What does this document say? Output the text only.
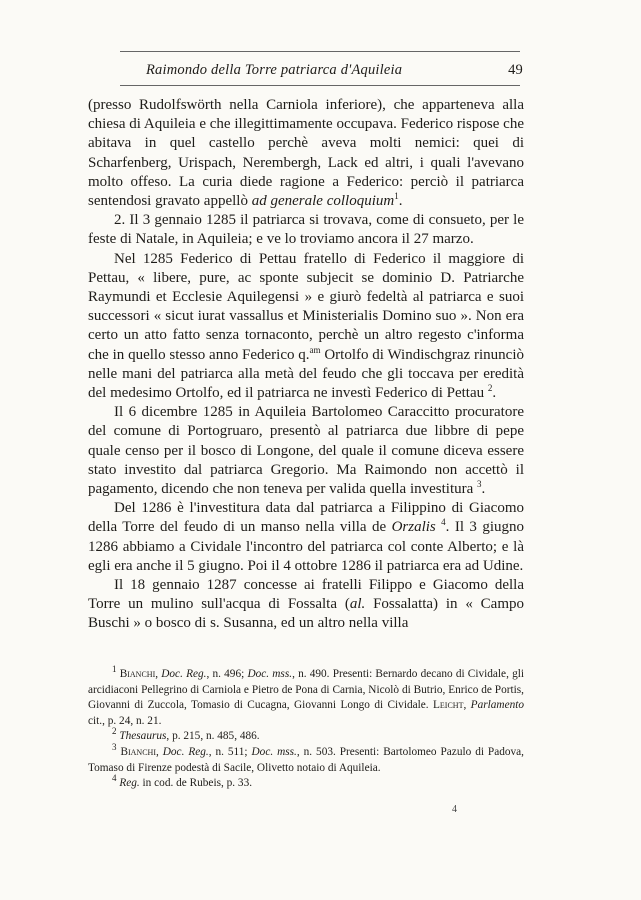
Raimondo della Torre patriarca d'Aquileia	49

(presso Rudolfswörth nella Carniola inferiore), che apparteneva alla chiesa di Aquileia e che illegittimamente occupava. Federico rispose che abitava in quel castello perchè aveva molti nemici: quei di Scharfenberg, Urispach, Nerembergh, Lack ed altri, i quali l'avevano molto offeso. La curia diede ragione a Federico: perciò il patriarca sentendosi gravato appellò ad generale colloquium$^1$.

2. Il 3 gennaio 1285 il patriarca si trovava, come di consueto, per le feste di Natale, in Aquileia; e ve lo troviamo ancora il 27 marzo.

Nel 1285 Federico di Pettau fratello di Federico il maggiore di Pettau, « libere, pure, ac sponte subjecit se dominio D. Patriarche Raymundi et Ecclesie Aquilegensi » e giurò fedeltà al patriarca e suoi successori « sicut iurat vassallus et Ministerialis Domino suo ». Non era certo un atto fatto senza tornaconto, perchè un altro regesto c'informa che in quello stesso anno Federico q.$^{am}$ Ortolfo di Windischgraz rinunciò nelle mani del patriarca alla metà del feudo che gli toccava per eredità del medesimo Ortolfo, ed il patriarca ne investì Federico di Pettau $^2$.

Il 6 dicembre 1285 in Aquileia Bartolomeo Caraccitto procuratore del comune di Portogruaro, presentò al patriarca due libbre di pepe quale censo per il bosco di Longone, del quale il comune diceva essere stato investito dal patriarca Gregorio. Ma Raimondo non accettò il pagamento, dicendo che non teneva per valida quella investitura $^3$.

Del 1286 è l'investitura data dal patriarca a Filippino di Giacomo della Torre del feudo di un manso nella villa de Orzalis $^4$. Il 3 giugno 1286 abbiamo a Cividale l'incontro del patriarca col conte Alberto; e là egli era anche il 5 giugno. Poi il 4 ottobre 1286 il patriarca era ad Udine.

Il 18 gennaio 1287 concesse ai fratelli Filippo e Giacomo della Torre un mulino sull'acqua di Fossalta (al. Fossalatta) in « Campo Buschi » o bosco di s. Susanna, ed un altro nella villa

$^1$ Bianchi, Doc. Reg., n. 496; Doc. mss., n. 490. Presenti: Bernardo decano di Cividale, gli arcidiaconi Pellegrino di Carniola e Pietro de Pona di Carnia, Nicolò di Butrio, Enrico de Portis, Giovanni di Zuccola, Tomasio di Cucagna, Giovanni Longo di Cividale. Leicht, Parlamento cit., p. 24, n. 21.

$^2$ Thesaurus, p. 215, n. 485, 486.

$^3$ Bianchi, Doc. Reg., n. 511; Doc. mss., n. 503. Presenti: Bartolomeo Pazulo di Padova, Tomaso di Firenze podestà di Sacile, Olivetto notaio di Aquileia.

$^4$ Reg. in cod. de Rubeis, p. 33.

4
